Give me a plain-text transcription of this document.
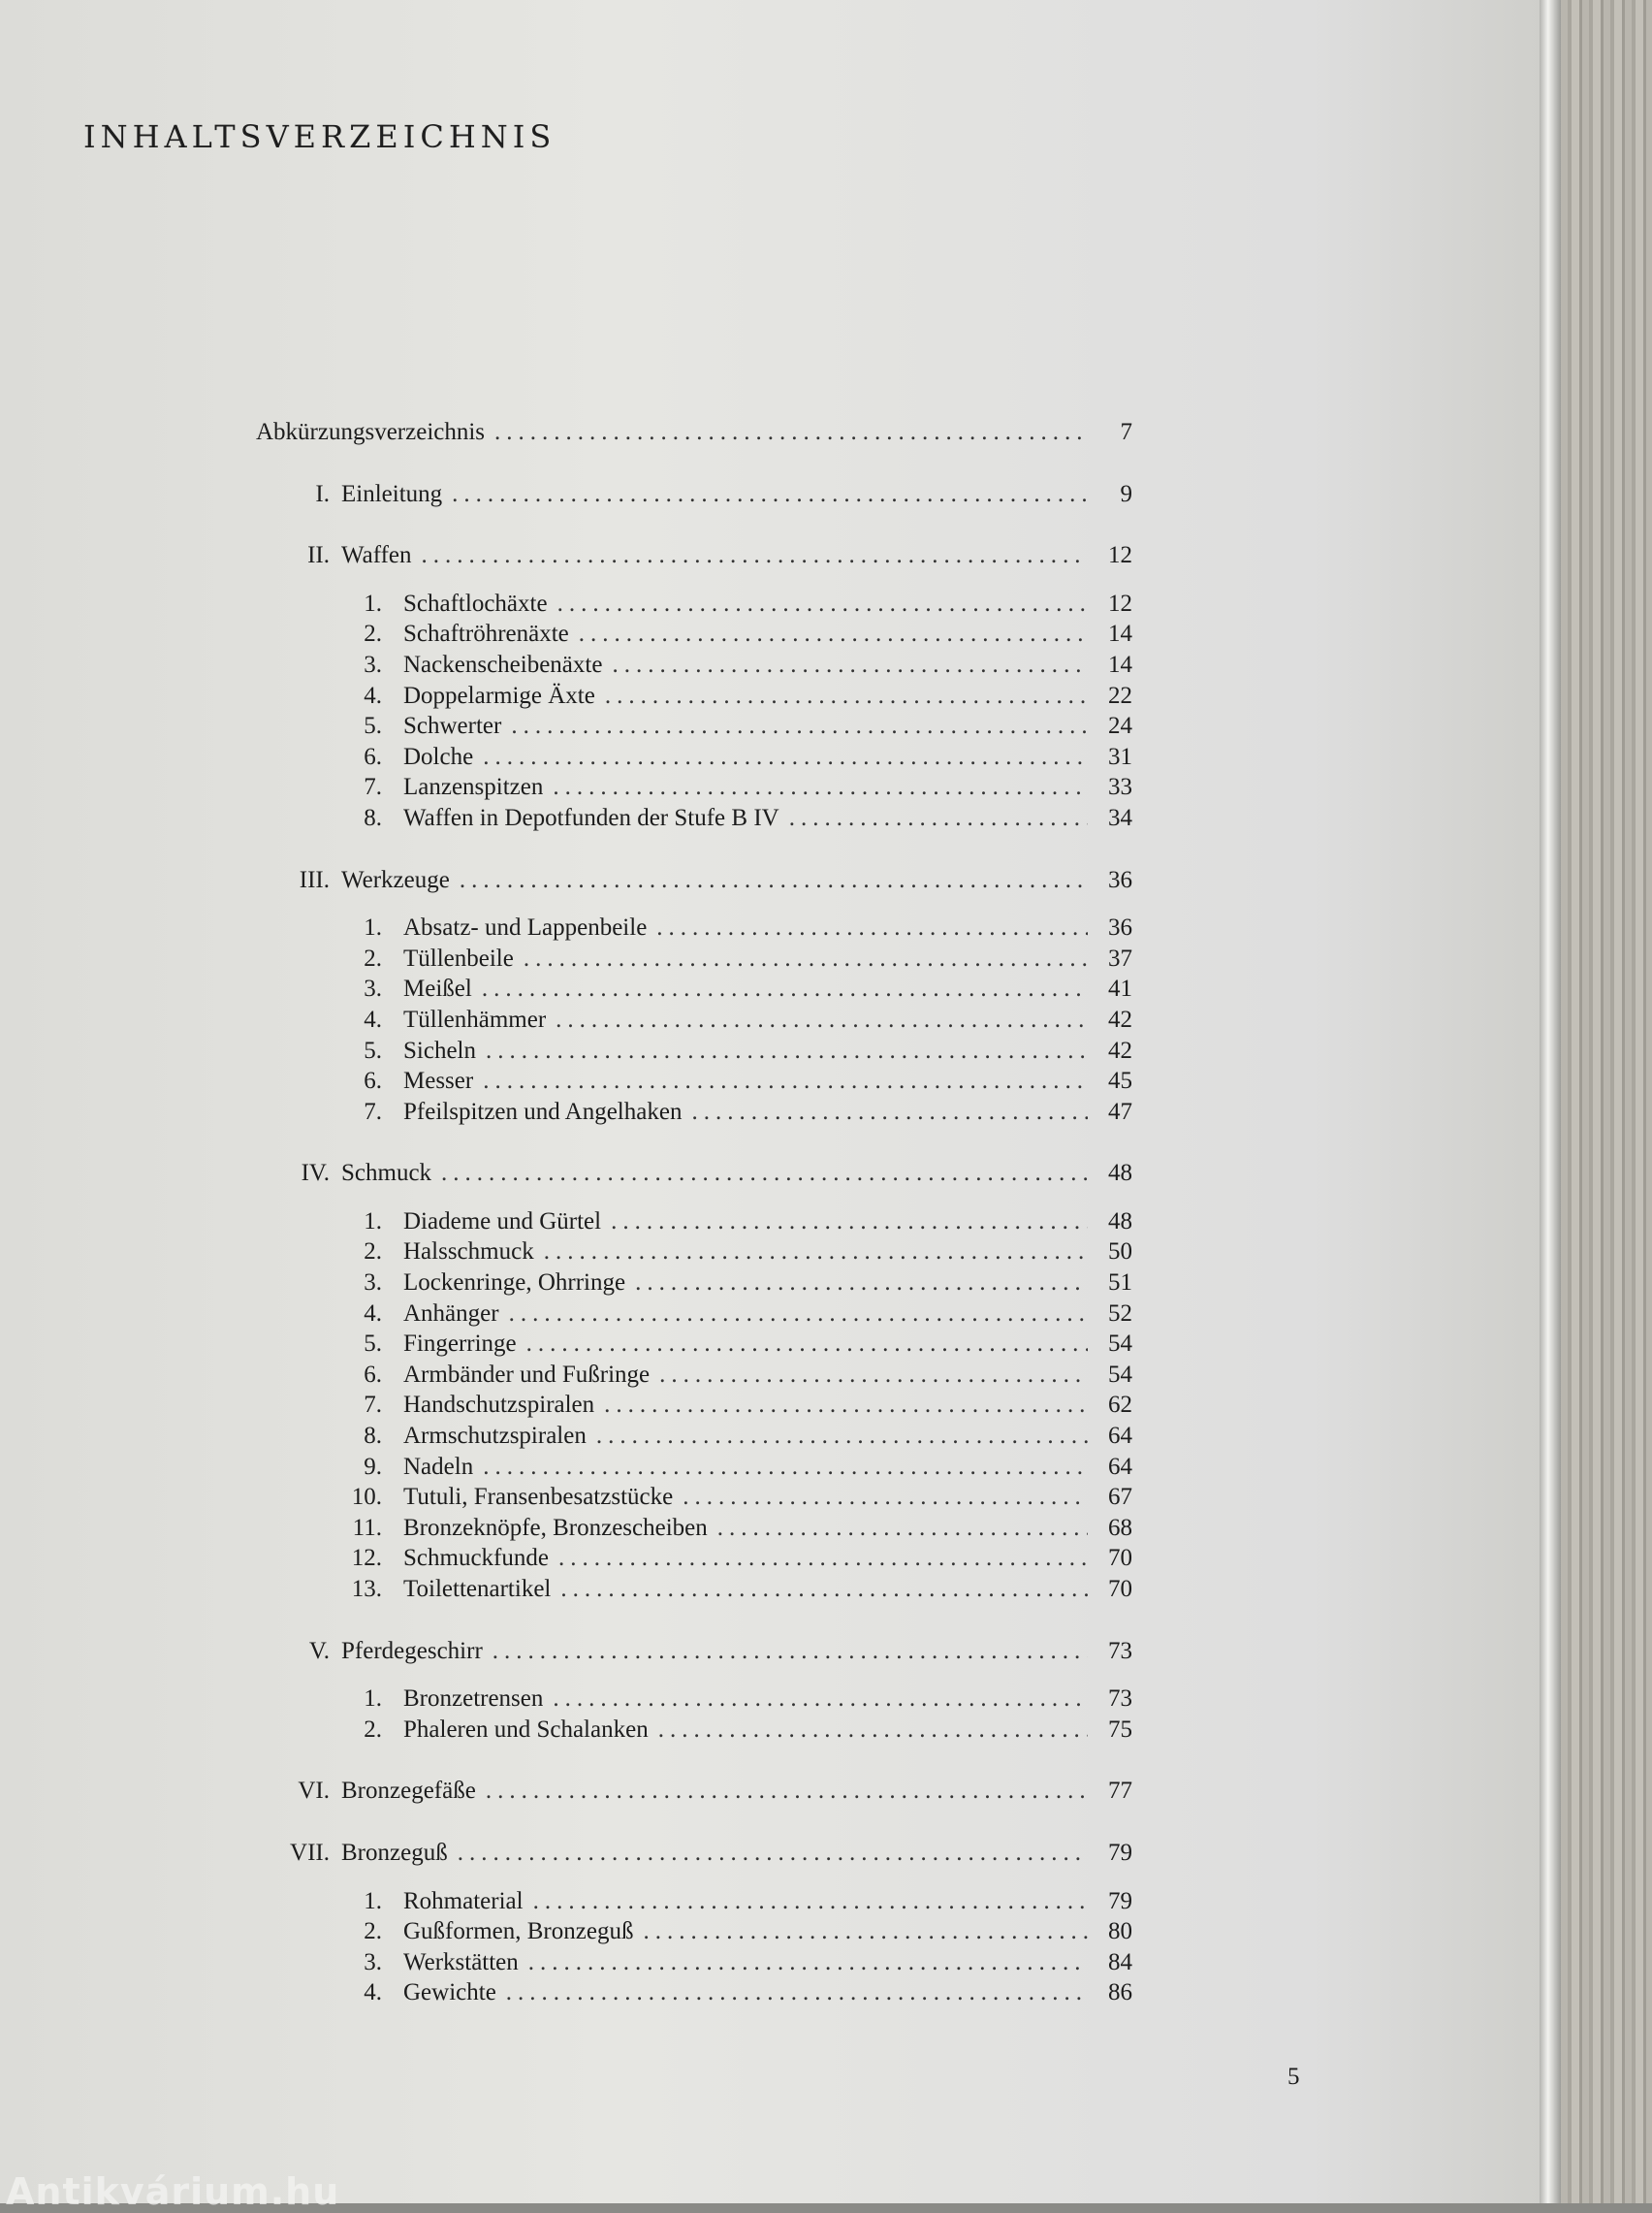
INHALTSVERZEICHNIS
Abkürzungsverzeichnis .....	7
I. Einleitung .....	9
II. Waffen .....	12
1. Schaftlochäxte .....	12
2. Schaftröhrenäxte .....	14
3. Nackenscheibenäxte .....	14
4. Doppelarmige Äxte .....	22
5. Schwerter .....	24
6. Dolche .....	31
7. Lanzenspitzen .....	33
8. Waffen in Depotfunden der Stufe B IV .....	34
III. Werkzeuge .....	36
1. Absatz- und Lappenbeile .....	36
2. Tüllenbeile .....	37
3. Meißel .....	41
4. Tüllenhämmer .....	42
5. Sicheln .....	42
6. Messer .....	45
7. Pfeilspitzen und Angelhaken .....	47
IV. Schmuck .....	48
1. Diademe und Gürtel .....	48
2. Halsschmuck .....	50
3. Lockenringe, Ohrringe .....	51
4. Anhänger .....	52
5. Fingerringe .....	54
6. Armbänder und Fußringe .....	54
7. Handschutzspiralen .....	62
8. Armschutzspiralen .....	64
9. Nadeln .....	64
10. Tutuli, Fransenbesatzstücke .....	67
11. Bronzeknöpfe, Bronzescheiben .....	68
12. Schmuckfunde .....	70
13. Toilettenartikel .....	70
V. Pferdegeschirr .....	73
1. Bronzetrensen .....	73
2. Phaleren und Schalanken .....	75
VI. Bronzegefäße .....	77
VII. Bronzeguß .....	79
1. Rohmaterial .....	79
2. Gußformen, Bronzeguß .....	80
3. Werkstätten .....	84
4. Gewichte .....	86
5
Antikvárium.hu
